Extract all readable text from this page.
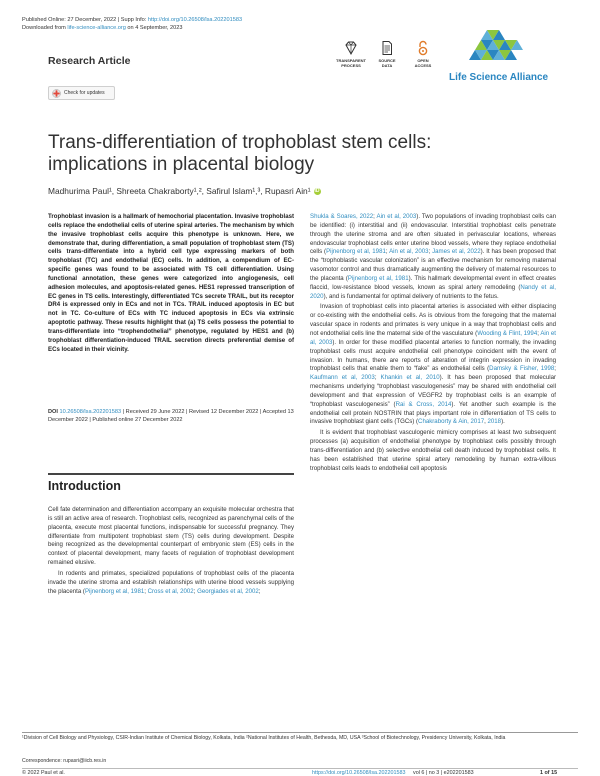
Published Online: 27 December, 2022 | Supp Info: http://doi.org/10.26508/lsa.202201583
Downloaded from life-science-alliance.org on 4 September, 2023
Research Article	TRANSPARENT
PROCESS
SOURCE
DATA
OPEN
ACCESS
Life Science Alliance
Check for updates
Trans-differentiation of trophoblast stem cells: implications in placental biology
Madhurima Paul¹, Shreeta Chakraborty¹,², Safirul Islam¹,³, Rupasri Ain¹ iD

Trophoblast invasion is a hallmark of hemochorial placentation. Invasive trophoblast cells replace the endothelial cells of uterine spiral arteries. The mechanism by which the invasive trophoblast cells acquire this phenotype is unknown. Here, we demonstrate that, during differentiation, a small population of trophoblast stem (TS) cells trans-differentiate into a hybrid cell type expressing markers of both trophoblast (TC) and endothelial (EC) cells. In addition, a compendium of EC-specific genes was found to be associated with TS cell differentiation. Using functional annotation, these genes were categorized into angiogenesis, cell adhesion molecules, and apoptosis-related genes. HES1 repressed transcription of EC genes in TS cells. Interestingly, differentiated TCs secrete TRAIL, but its receptor DR4 is expressed only in ECs and not in TCs. TRAIL induced apoptosis in EC but not in TC. Co-culture of ECs with TC induced apoptosis in ECs via extrinsic apoptotic pathway. These results highlight that (a) TS cells possess the potential to trans-differentiate into “trophendothelial” phenotype, regulated by HES1 and (b) trophoblast differentiation-induced TRAIL secretion directs preferential demise of ECs located in their vicinity.

DOI 10.26508/lsa.202201583 | Received 29 June 2022 | Revised 12 December 2022 | Accepted 13 December 2022 | Published online 27 December 2022
Introduction

Cell fate determination and differentiation accompany an exquisite molecular orchestra that is still an active area of research. Trophoblast cells, recognized as parenchymal cells of the placenta, execute most placental functions, indispensable for successful pregnancy. They differentiate from multipotent trophoblast stem (TS) cells during development. Despite being recognized as the developmental counterpart of embryonic stem (ES) cells in the context of placental development, many facets of regulation of trophoblast development remained elusive.

In rodents and primates, specialized populations of trophoblast cells of the placenta invade the uterine stroma and establish relationships with uterine blood vessels supplying the placenta (Pijnenborg et al, 1981; Cross et al, 2002; Georgiades et al, 2002;

Shukla & Soares, 2022; Ain et al, 2003). Two populations of invading trophoblast cells can be identified: (i) interstitial and (ii) endovascular. Interstitial trophoblast cells penetrate through the uterine stroma and are often situated in perivascular locations, whereas endovascular trophoblast cells enter uterine blood vessels, where they replace endothelial cells (Pijnenborg et al, 1981; Ain et al, 2003; James et al, 2022). It has been proposed that the “trophoblastic vascular colonization” is an effective mechanism for removing maternal vasomotor control and thus dramatically augmenting the delivery of maternal resources to the placenta (Pijnenborg et al, 1981). This hallmark developmental event in effect creates flaccid, low-resistance blood vessels, known as spiral artery remodeling (Nandy et al, 2020), and is fundamental for optimal delivery of nutrients to the fetus.

Invasion of trophoblast cells into placental arteries is associated with either displacing or co-existing with the endothelial cells. As is obvious from the foregoing that the maternal vascular space in rodents and primates is very unique in a way that trophoblast cells and not endothelial cells line the maternal side of the vasculature (Wooding & Flint, 1994; Ain et al, 2003). In order for these modified placental arteries to function normally, the invading trophoblast cells must acquire endothelial cell phenotype coincident with the event of invasion. In humans, there are reports of alteration of integrin expression in invading trophoblast cells that enable them to “fake” as endothelial cells (Damsky & Fisher, 1998; Kaufmann et al, 2003; Khankin et al, 2010). It has been proposed that molecular mechanisms underlying “trophoblast vasculogenesis” may be shared with endothelial cell development and that expression of VEGFR2 by trophoblast cells is an example of “trophoblast vasculogenesis” (Rai & Cross, 2014). Yet another such example is the endothelial cell protein NOSTRIN that plays important role in differentiation of TS cells to invasive trophoblast giant cells (TGCs) (Chakraborty & Ain, 2017, 2018).

It is evident that trophoblast vasculogenic mimicry comprises at least two subsequent processes (a) acquisition of endothelial phenotype by trophoblast cells possibly through trans-differentiation and (b) selective endothelial cell death induced by trophoblast cells. It has been established that uterine spiral artery remodeling by human extra-villous trophoblast cells leads to endothelial cell apoptosis

¹Division of Cell Biology and Physiology, CSIR-Indian Institute of Chemical Biology, Kolkata, India ²National Institutes of Health, Bethesda, MD, USA ³School of Biotechnology, Presidency University, Kolkata, India
Correspondence: rupasri@iicb.res.in
© 2022 Paul et al.	https://doi.org/10.26508/lsa.202201583 vol 6 | no 3 | e202201583	1 of 15
